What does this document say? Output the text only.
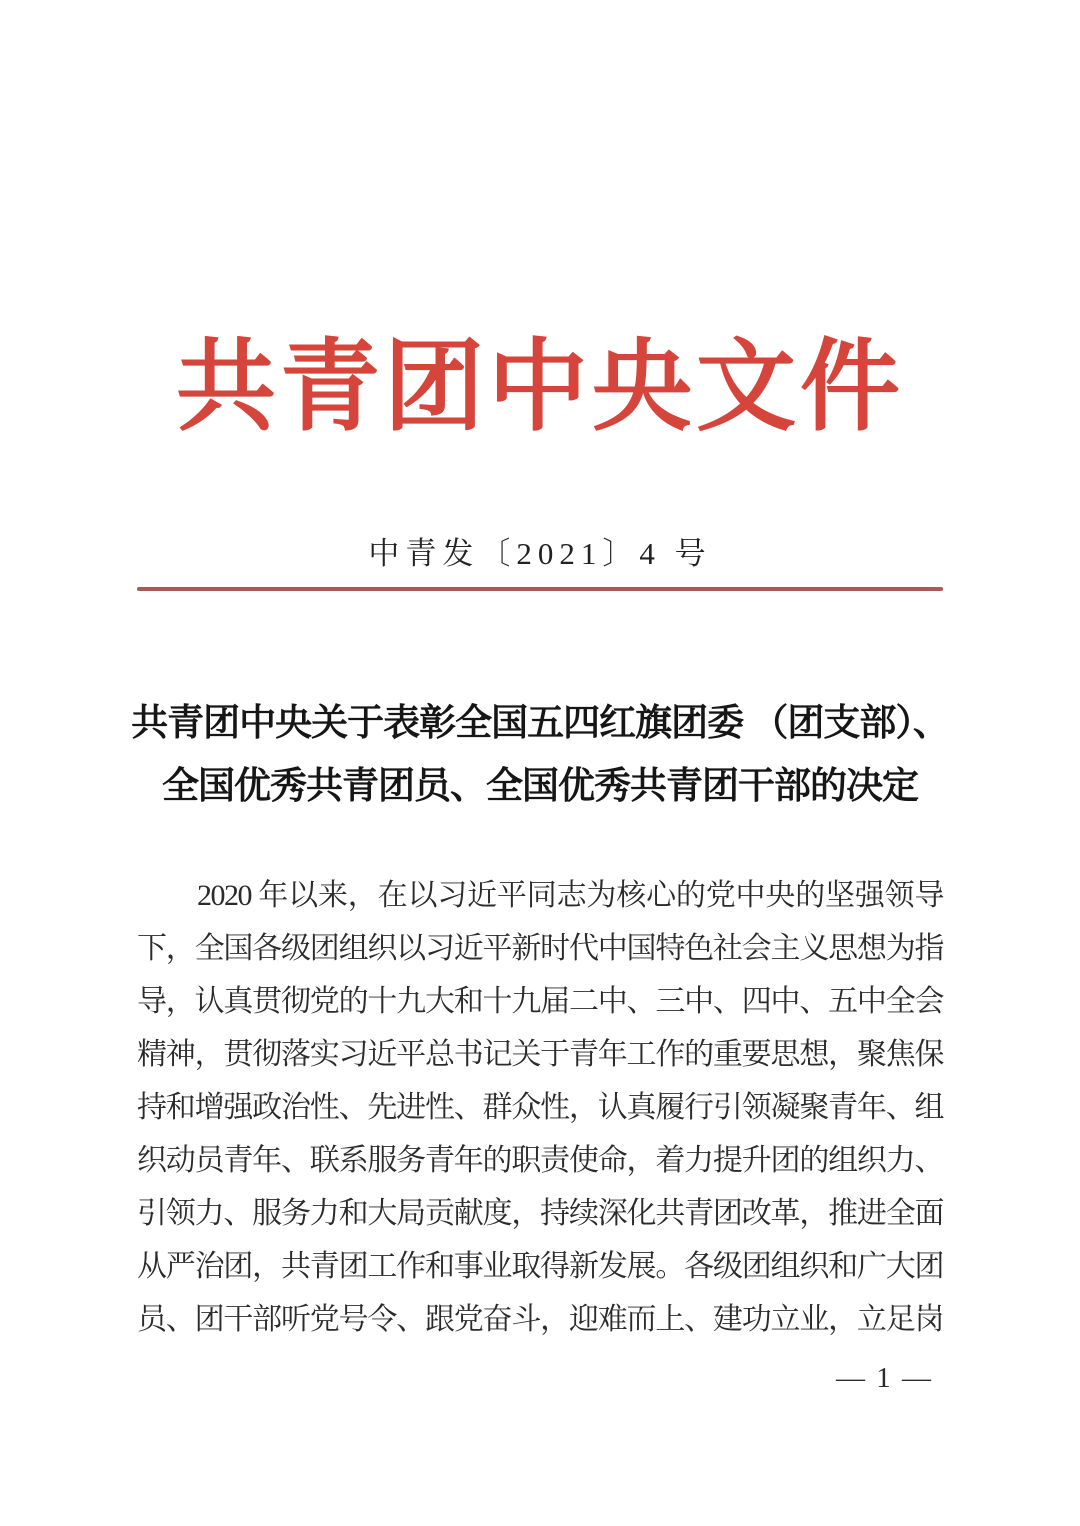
共青团中央文件
中青发〔2021〕4 号
共青团中央关于表彰全国五四红旗团委 （团支部）、
全国优秀共青团员、全国优秀共青团干部的决定
2020 年以来，在以习近平同志为核心的党中央的坚强领导
下，全国各级团组织以习近平新时代中国特色社会主义思想为指
导，认真贯彻党的十九大和十九届二中、三中、四中、五中全会
精神，贯彻落实习近平总书记关于青年工作的重要思想，聚焦保
持和增强政治性、先进性、群众性，认真履行引领凝聚青年、组
织动员青年、联系服务青年的职责使命，着力提升团的组织力、
引领力、服务力和大局贡献度，持续深化共青团改革，推进全面
从严治团，共青团工作和事业取得新发展。各级团组织和广大团
员、团干部听党号令、跟党奋斗，迎难而上、建功立业，立足岗
— 1 —
